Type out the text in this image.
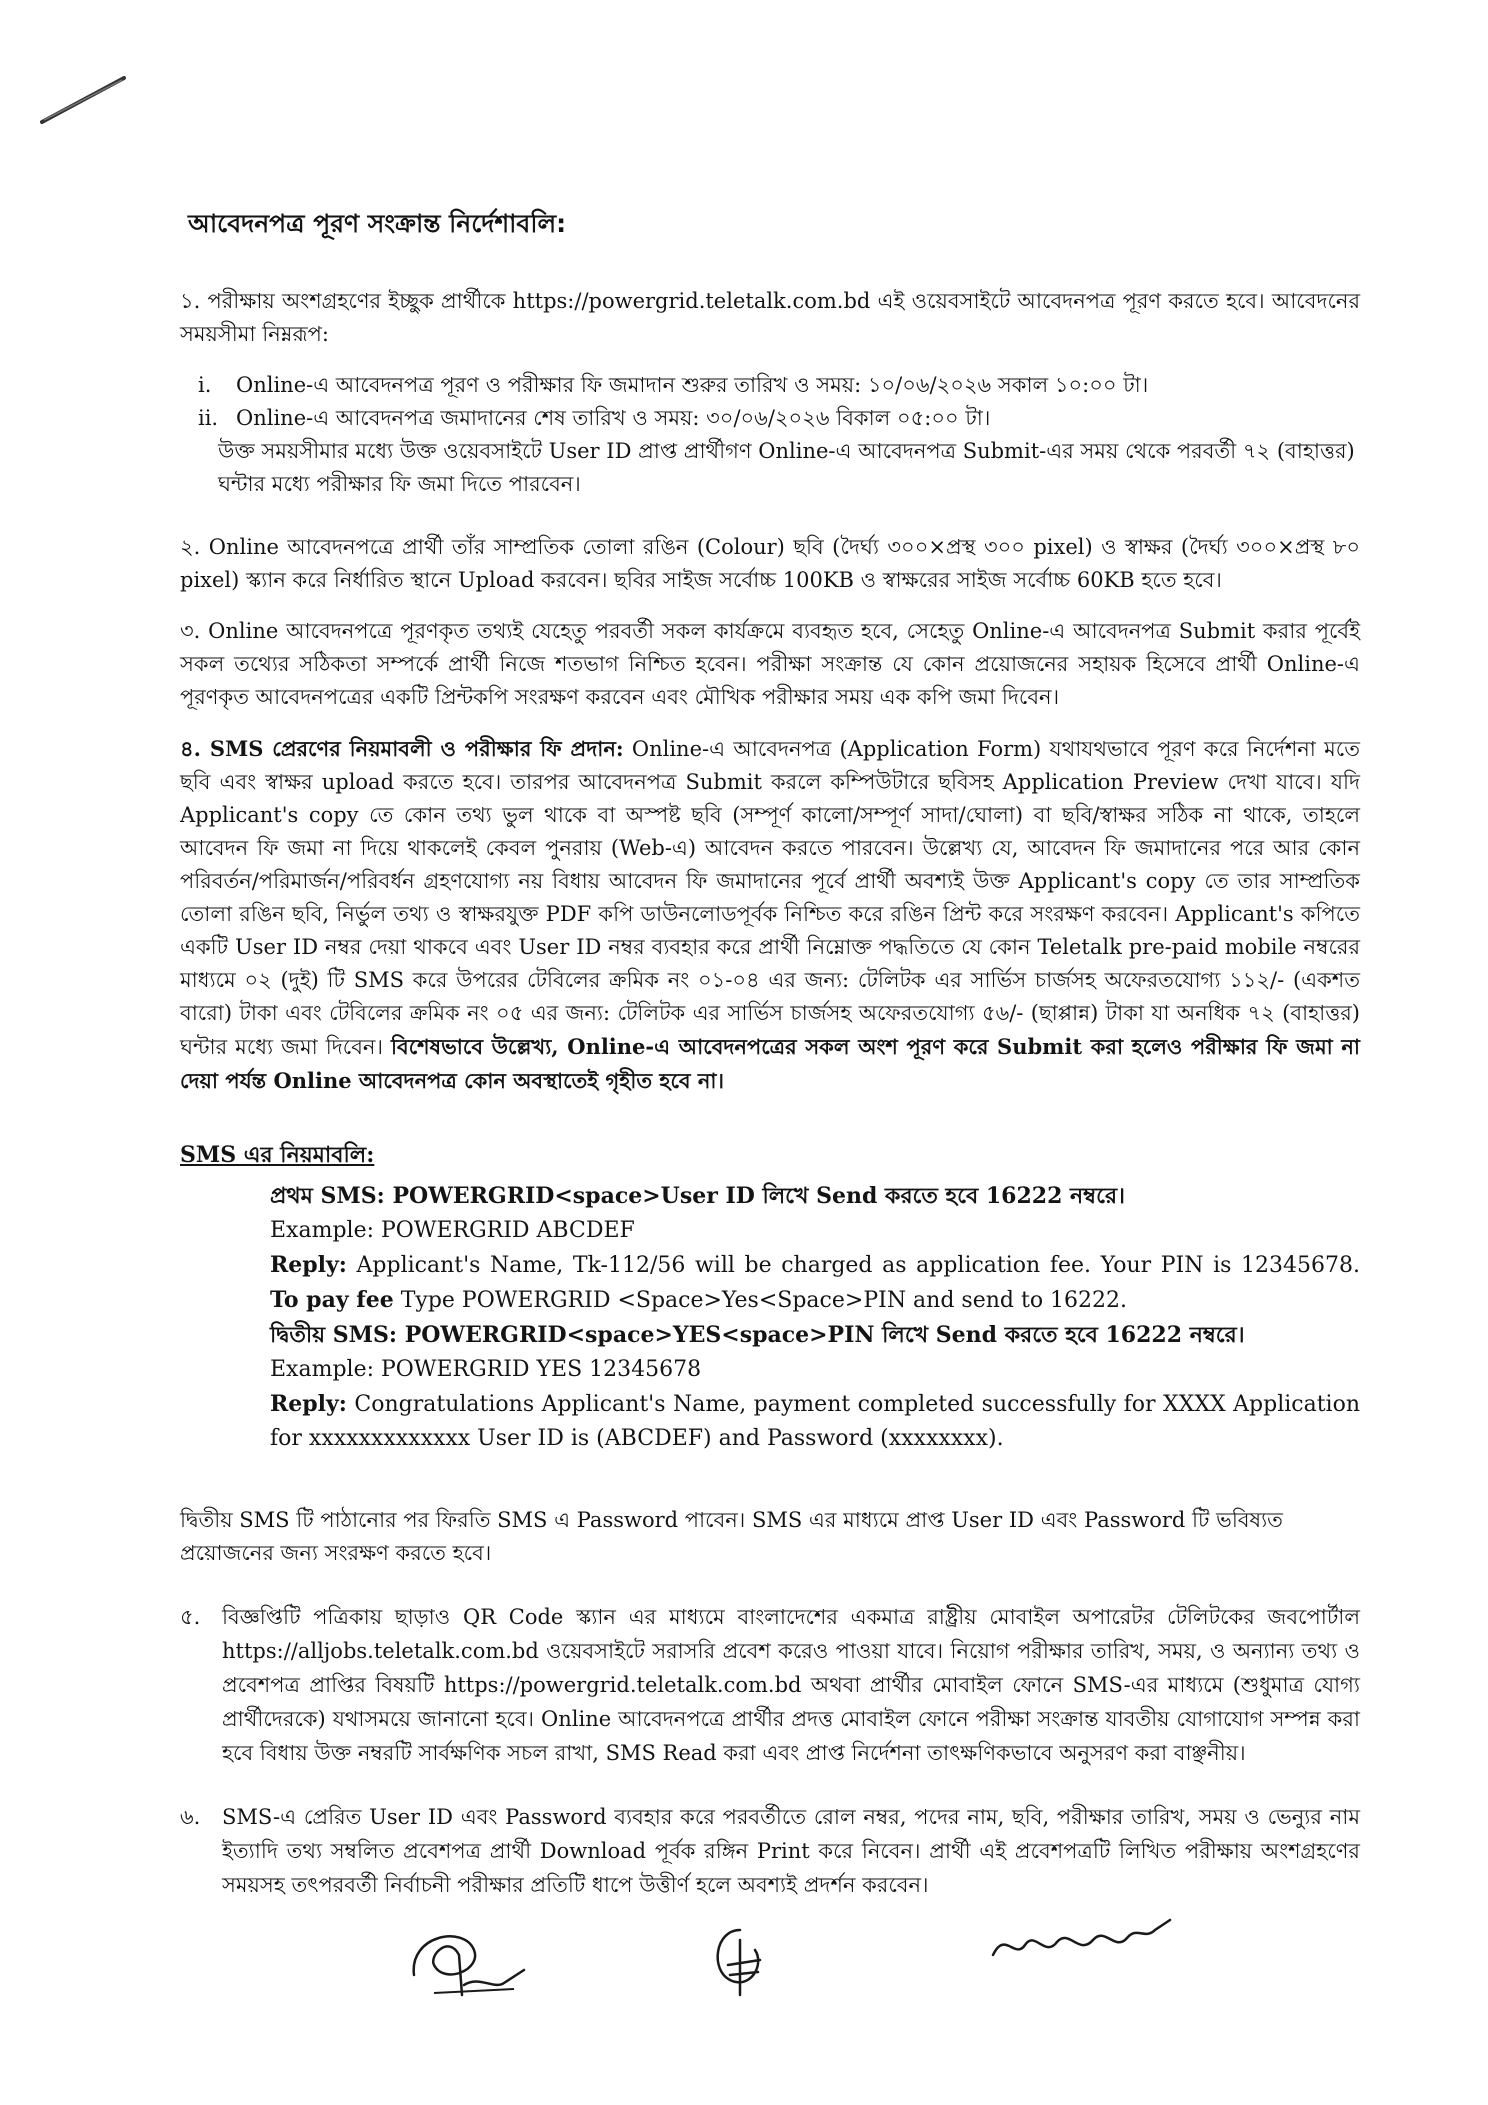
আবেদনপত্র পূরণ সংক্রান্ত নির্দেশাবলি:

১. পরীক্ষায় অংশগ্রহণের ইচ্ছুক প্রার্থীকে https://powergrid.teletalk.com.bd এই ওয়েবসাইটে আবেদনপত্র পূরণ করতে হবে। আবেদনের সময়সীমা নিম্নরূপ:

i.	Online-এ আবেদনপত্র পূরণ ও পরীক্ষার ফি জমাদান শুরুর তারিখ ও সময়: ১০/০৬/২০২৬ সকাল ১০:০০ টা।
ii. Online-এ আবেদনপত্র জমাদানের শেষ তারিখ ও সময়: ৩০/০৬/২০২৬ বিকাল ০৫:০০ টা।
উক্ত সময়সীমার মধ্যে উক্ত ওয়েবসাইটে User ID প্রাপ্ত প্রার্থীগণ Online-এ আবেদনপত্র Submit-এর সময় থেকে পরবর্তী ৭২ (বাহাত্তর) ঘন্টার মধ্যে পরীক্ষার ফি জমা দিতে পারবেন।

২. Online আবেদনপত্রে প্রার্থী তাঁর সাম্প্রতিক তোলা রঙিন (Colour) ছবি (দৈর্ঘ্য ৩০০×প্রস্থ ৩০০ pixel) ও স্বাক্ষর (দৈর্ঘ্য ৩০০×প্রস্থ ৮০ pixel) স্ক্যান করে নির্ধারিত স্থানে Upload করবেন। ছবির সাইজ সর্বোচ্চ 100KB ও স্বাক্ষরের সাইজ সর্বোচ্চ 60KB হতে হবে।

৩. Online আবেদনপত্রে পূরণকৃত তথ্যই যেহেতু পরবর্তী সকল কার্যক্রমে ব্যবহৃত হবে, সেহেতু Online-এ আবেদনপত্র Submit করার পূর্বেই সকল তথ্যের সঠিকতা সম্পর্কে প্রার্থী নিজে শতভাগ নিশ্চিত হবেন। পরীক্ষা সংক্রান্ত যে কোন প্রয়োজনের সহায়ক হিসেবে প্রার্থী Online-এ পূরণকৃত আবেদনপত্রের একটি প্রিন্টকপি সংরক্ষণ করবেন এবং মৌখিক পরীক্ষার সময় এক কপি জমা দিবেন।

৪. SMS প্রেরণের নিয়মাবলী ও পরীক্ষার ফি প্রদান: Online-এ আবেদনপত্র (Application Form) যথাযথভাবে পূরণ করে নির্দেশনা মতে ছবি এবং স্বাক্ষর upload করতে হবে। তারপর আবেদনপত্র Submit করলে কম্পিউটারে ছবিসহ Application Preview দেখা যাবে। যদি Applicant's copy তে কোন তথ্য ভুল থাকে বা অস্পষ্ট ছবি (সম্পূর্ণ কালো/সম্পূর্ণ সাদা/ঘোলা) বা ছবি/স্বাক্ষর সঠিক না থাকে, তাহলে আবেদন ফি জমা না দিয়ে থাকলেই কেবল পুনরায় (Web-এ) আবেদন করতে পারবেন। উল্লেখ্য যে, আবেদন ফি জমাদানের পরে আর কোন পরিবর্তন/পরিমার্জন/পরিবর্ধন গ্রহণযোগ্য নয় বিধায় আবেদন ফি জমাদানের পূর্বে প্রার্থী অবশ্যই উক্ত Applicant's copy তে তার সাম্প্রতিক তোলা রঙিন ছবি, নির্ভুল তথ্য ও স্বাক্ষরযুক্ত PDF কপি ডাউনলোডপূর্বক নিশ্চিত করে রঙিন প্রিন্ট করে সংরক্ষণ করবেন। Applicant's কপিতে একটি User ID নম্বর দেয়া থাকবে এবং User ID নম্বর ব্যবহার করে প্রার্থী নিম্নোক্ত পদ্ধতিতে যে কোন Teletalk pre-paid mobile নম্বরের মাধ্যমে ০২ (দুই) টি SMS করে উপরের টেবিলের ক্রমিক নং ০১-০৪ এর জন্য: টেলিটক এর সার্ভিস চার্জসহ অফেরতযোগ্য ১১২/- (একশত বারো) টাকা এবং টেবিলের ক্রমিক নং ০৫ এর জন্য: টেলিটক এর সার্ভিস চার্জসহ অফেরতযোগ্য ৫৬/- (ছাপ্পান্ন) টাকা যা অনধিক ৭২ (বাহাত্তর) ঘন্টার মধ্যে জমা দিবেন। বিশেষভাবে উল্লেখ্য, Online-এ আবেদনপত্রের সকল অংশ পূরণ করে Submit করা হলেও পরীক্ষার ফি জমা না দেয়া পর্যন্ত Online আবেদনপত্র কোন অবস্থাতেই গৃহীত হবে না।

SMS এর নিয়মাবলি:
প্রথম SMS: POWERGRID<space>User ID লিখে Send করতে হবে 16222 নম্বরে।
Example: POWERGRID ABCDEF
Reply: Applicant's Name, Tk-112/56 will be charged as application fee. Your PIN is 12345678. To pay fee Type POWERGRID <Space>Yes<Space>PIN and send to 16222.
দ্বিতীয় SMS: POWERGRID<space>YES<space>PIN লিখে Send করতে হবে 16222 নম্বরে।
Example: POWERGRID YES 12345678
Reply: Congratulations Applicant's Name, payment completed successfully for XXXX Application for xxxxxxxxxxxxx User ID is (ABCDEF) and Password (xxxxxxxx).
দ্বিতীয় SMS টি পাঠানোর পর ফিরতি SMS এ Password পাবেন। SMS এর মাধ্যমে প্রাপ্ত User ID এবং Password টি ভবিষ্যত প্রয়োজনের জন্য সংরক্ষণ করতে হবে।
৫.	বিজ্ঞপ্তিটি পত্রিকায় ছাড়াও QR Code স্ক্যান এর মাধ্যমে বাংলাদেশের একমাত্র রাষ্ট্রীয় মোবাইল অপারেটর টেলিটকের জবপোর্টাল https://alljobs.teletalk.com.bd ওয়েবসাইটে সরাসরি প্রবেশ করেও পাওয়া যাবে। নিয়োগ পরীক্ষার তারিখ, সময়, ও অন্যান্য তথ্য ও প্রবেশপত্র প্রাপ্তির বিষয়টি https://powergrid.teletalk.com.bd অথবা প্রার্থীর মোবাইল ফোনে SMS-এর মাধ্যমে (শুধুমাত্র যোগ্য প্রার্থীদেরকে) যথাসময়ে জানানো হবে। Online আবেদনপত্রে প্রার্থীর প্রদত্ত মোবাইল ফোনে পরীক্ষা সংক্রান্ত যাবতীয় যোগাযোগ সম্পন্ন করা হবে বিধায় উক্ত নম্বরটি সার্বক্ষণিক সচল রাখা, SMS Read করা এবং প্রাপ্ত নির্দেশনা তাৎক্ষণিকভাবে অনুসরণ করা বাঞ্ছনীয়।
৬.	SMS-এ প্রেরিত User ID এবং Password ব্যবহার করে পরবর্তীতে রোল নম্বর, পদের নাম, ছবি, পরীক্ষার তারিখ, সময় ও ভেন্যুর নাম ইত্যাদি তথ্য সম্বলিত প্রবেশপত্র প্রার্থী Download পূর্বক রঙ্গিন Print করে নিবেন। প্রার্থী এই প্রবেশপত্রটি লিখিত পরীক্ষায় অংশগ্রহণের সময়সহ তৎপরবর্তী নির্বাচনী পরীক্ষার প্রতিটি ধাপে উত্তীর্ণ হলে অবশ্যই প্রদর্শন করবেন।
